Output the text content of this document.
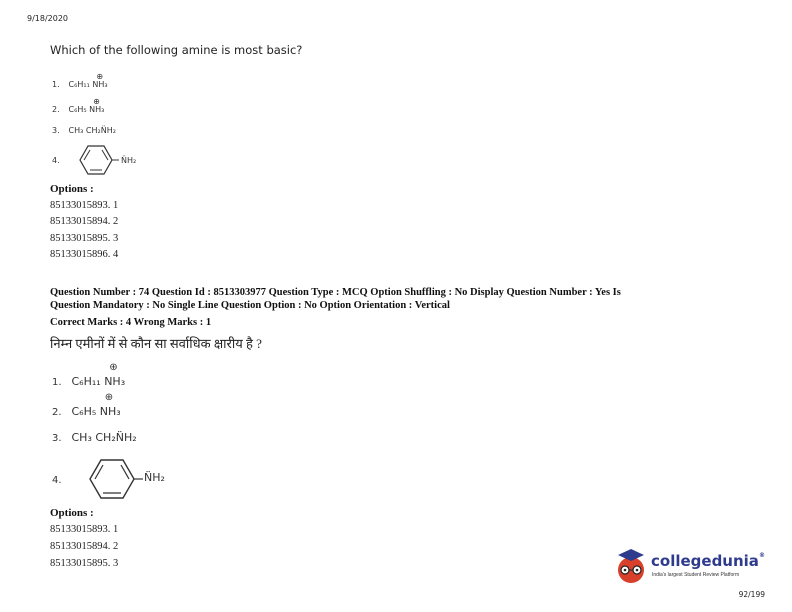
9/18/2020
Which of the following amine is most basic?
1. C₆H₁₁
⊕
NH₃
2. C₆H₅
⊕
NH₃
3. CH₃ CH₂N̈H₂
4.	N̈H₂
Options :
85133015893. 1
85133015894. 2
85133015895. 3
85133015896. 4
Question Number : 74 Question Id : 8513303977 Question Type : MCQ Option Shuffling : No Display Question Number : Yes Is
Question Mandatory : No Single Line Question Option : No Option Orientation : Vertical
Correct Marks : 4 Wrong Marks : 1
निम्न एमीनों में से कौन सा सर्वाधिक क्षारीय है ?
1. C₆H₁₁
⊕
NH₃
2. C₆H₅
⊕
NH₃
3. CH₃ CH₂N̈H₂
4.	N̈H₂
Options :
85133015893. 1
85133015894. 2
85133015895. 3	collegedunia®
India's largest Student Review Platform
92/199
